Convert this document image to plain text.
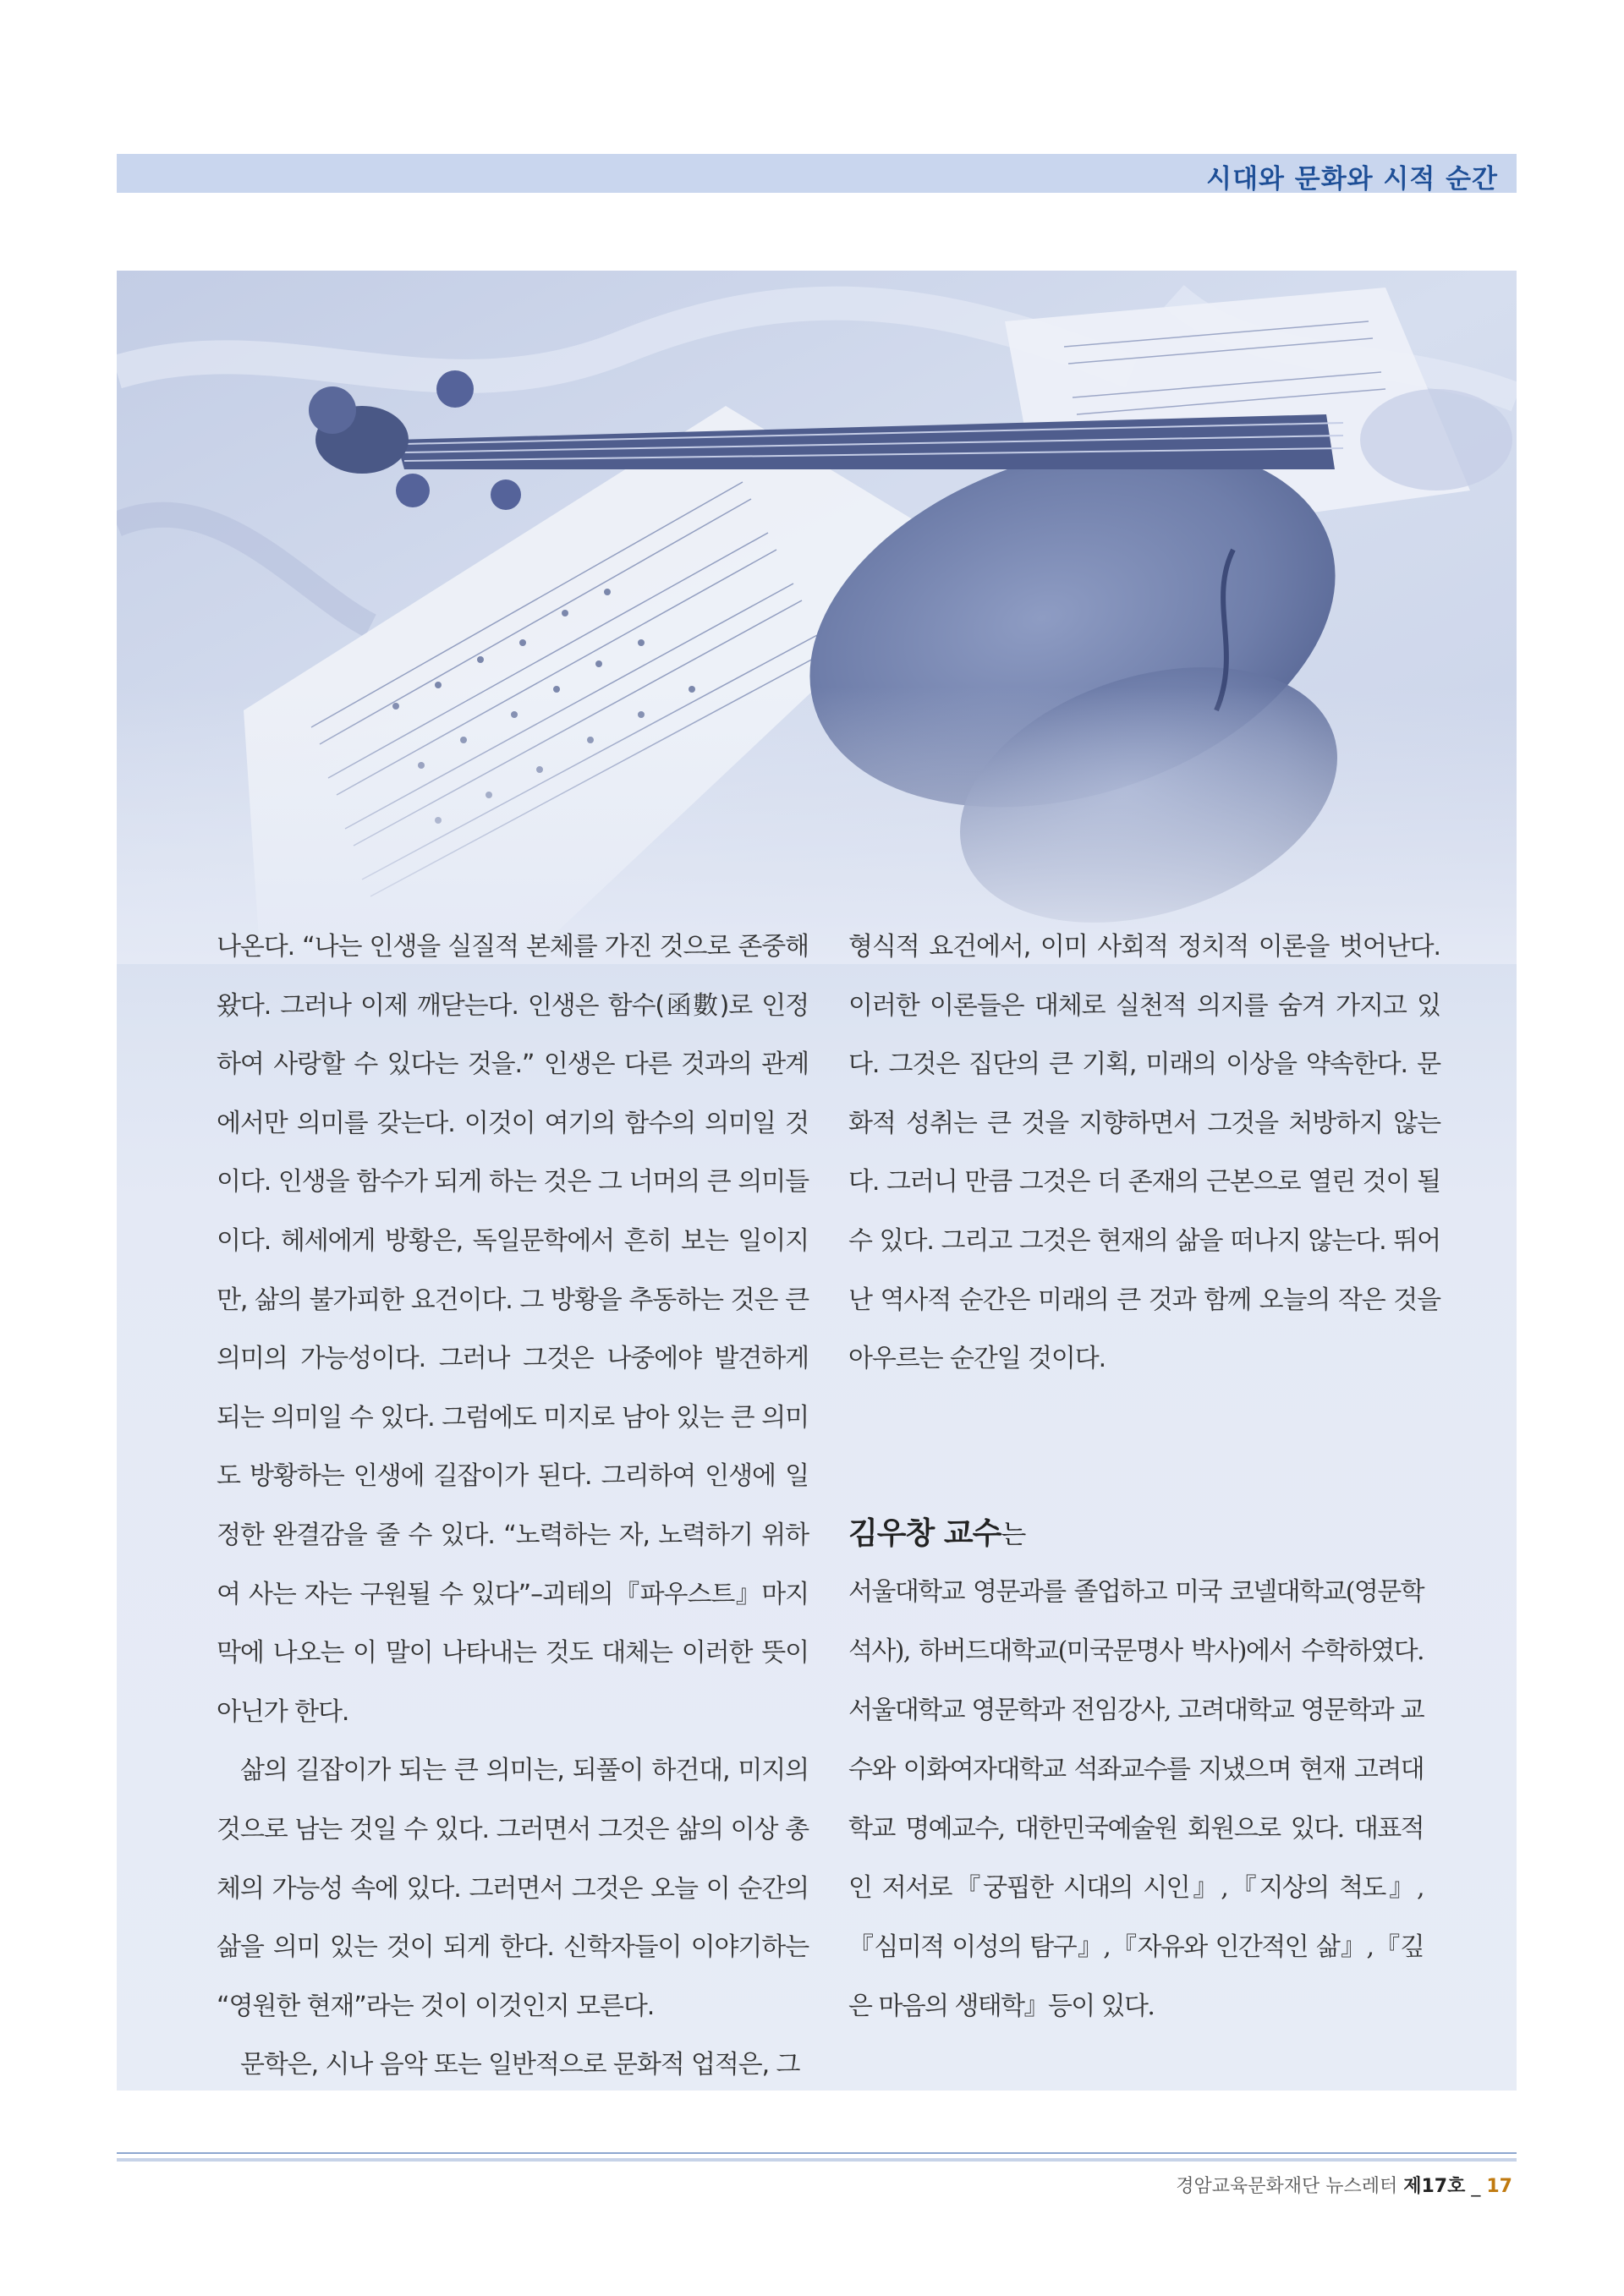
시대와 문화와 시적 순간

나온다. “나는 인생을 실질적 본체를 가진 것으로 존중해 왔다. 그러나 이제 깨닫는다. 인생은 함수(函數)로 인정하여 사랑할 수 있다는 것을.” 인생은 다른 것과의 관계에서만 의미를 갖는다. 이것이 여기의 함수의 의미일 것이다. 인생을 함수가 되게 하는 것은 그 너머의 큰 의미들이다. 헤세에게 방황은, 독일문학에서 흔히 보는 일이지만, 삶의 불가피한 요건이다. 그 방황을 추동하는 것은 큰 의미의 가능성이다. 그러나 그것은 나중에야 발견하게 되는 의미일 수 있다. 그럼에도 미지로 남아 있는 큰 의미도 방황하는 인생에 길잡이가 된다. 그리하여 인생에 일정한 완결감을 줄 수 있다. “노력하는 자, 노력하기 위하여 사는 자는 구원될 수 있다”–괴테의『파우스트』마지막에 나오는 이 말이 나타내는 것도 대체는 이러한 뜻이 아닌가 한다.

삶의 길잡이가 되는 큰 의미는, 되풀이 하건대, 미지의 것으로 남는 것일 수 있다. 그러면서 그것은 삶의 이상 총체의 가능성 속에 있다. 그러면서 그것은 오늘 이 순간의 삶을 의미 있는 것이 되게 한다. 신학자들이 이야기하는 “영원한 현재”라는 것이 이것인지 모른다.

문학은, 시나 음악 또는 일반적으로 문화적 업적은, 그

형식적 요건에서, 이미 사회적 정치적 이론을 벗어난다. 이러한 이론들은 대체로 실천적 의지를 숨겨 가지고 있다. 그것은 집단의 큰 기획, 미래의 이상을 약속한다. 문화적 성취는 큰 것을 지향하면서 그것을 처방하지 않는다. 그러니 만큼 그것은 더 존재의 근본으로 열린 것이 될 수 있다. 그리고 그것은 현재의 삶을 떠나지 않는다. 뛰어난 역사적 순간은 미래의 큰 것과 함께 오늘의 작은 것을 아우르는 순간일 것이다.

김우창 교수는

서울대학교 영문과를 졸업하고 미국 코넬대학교(영문학 석사), 하버드대학교(미국문명사 박사)에서 수학하였다. 서울대학교 영문학과 전임강사, 고려대학교 영문학과 교수와 이화여자대학교 석좌교수를 지냈으며 현재 고려대학교 명예교수, 대한민국예술원 회원으로 있다. 대표적인 저서로『궁핍한 시대의 시인』,『지상의 척도』,『심미적 이성의 탐구』,『자유와 인간적인 삶』,『깊은 마음의 생태학』등이 있다.

경암교육문화재단 뉴스레터 제17호 _ 17
